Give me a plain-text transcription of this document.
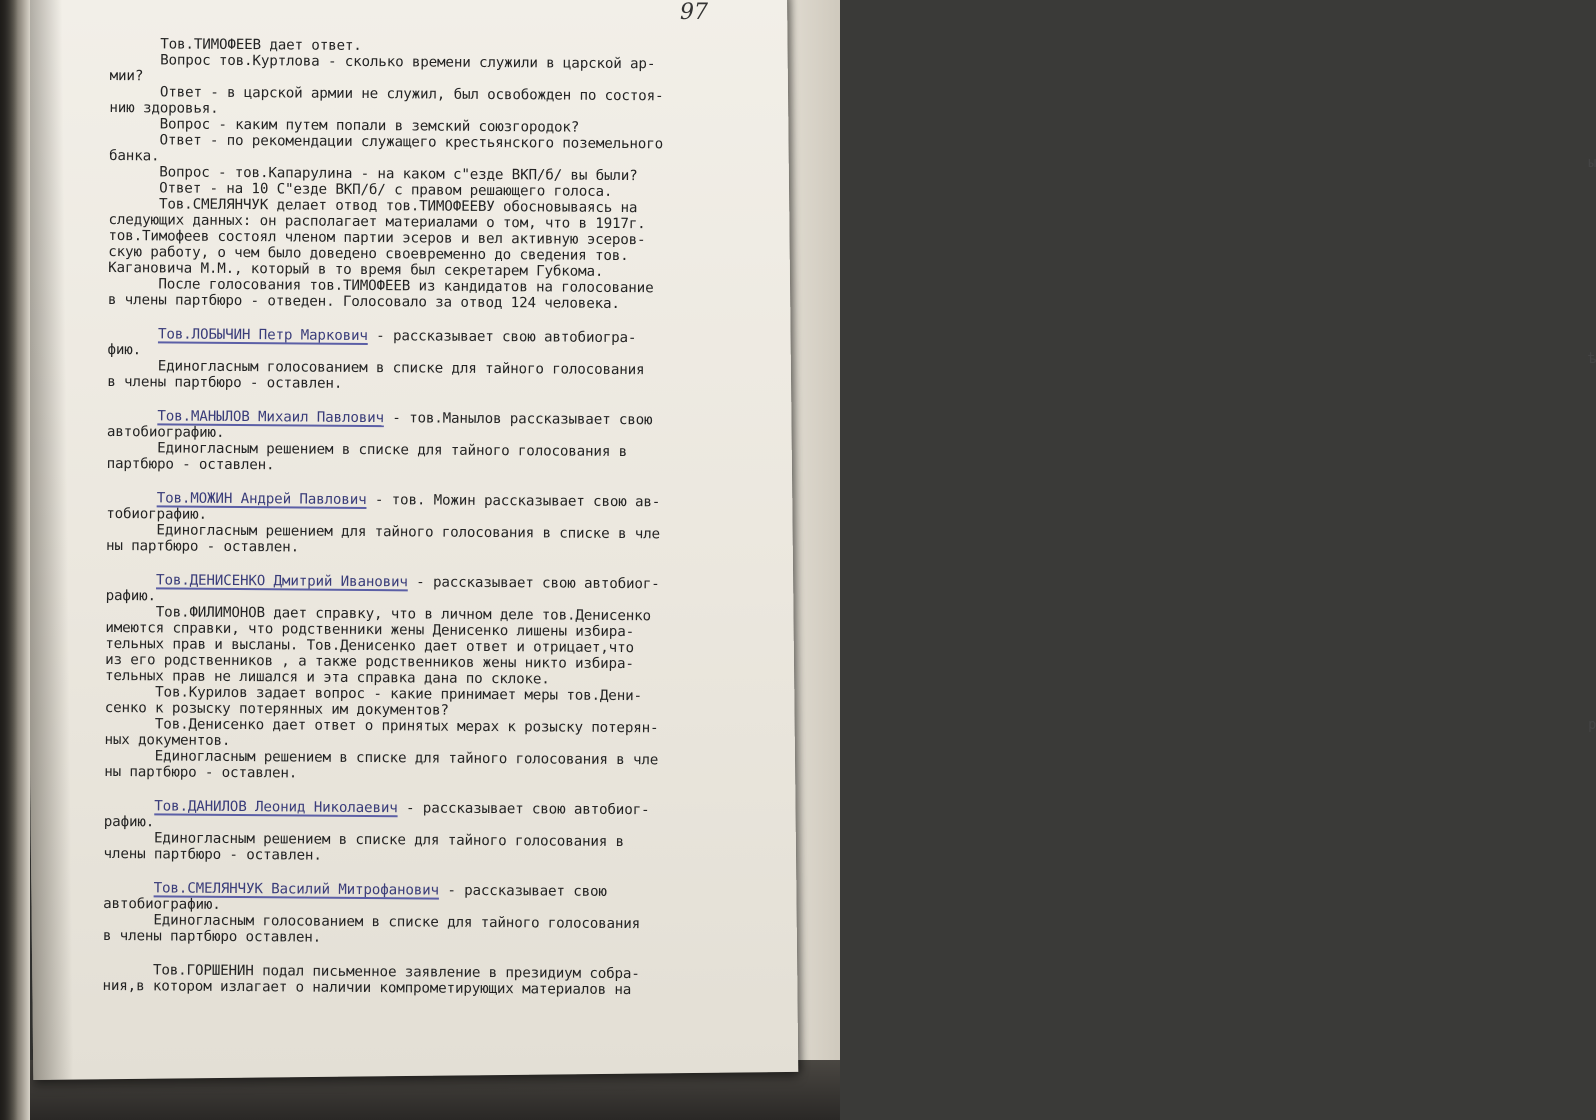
ы
ѣ
р
97
Тов.ТИМОФЕЕВ дает ответ.
Вопрос тов.Куртлова - сколько времени служили в царской ар-
мии?
Ответ - в царской армии не служил, был освобожден по состоя-
нию здоровья.
Вопрос - каким путем попали в земский союзгородок?
Ответ - по рекомендации служащего крестьянского поземельного
банка.
Вопрос - тов.Капарулина - на каком с"езде ВКП/б/ вы были?
Ответ - на 10 С"езде ВКП/б/ с правом решающего голоса.
Тов.СМЕЛЯНЧУК делает отвод тов.ТИМОФЕЕВУ обосновываясь на
следующих данных: он располагает материалами о том, что в 1917г.
тов.Тимофеев состоял членом партии эсеров и вел активную эсеров-
скую работу, о чем было доведено своевременно до сведения тов.
Кагановича М.М., который в то время был секретарем Губкома.
После голосования тов.ТИМОФЕЕВ из кандидатов на голосование
в члены партбюро - отведен. Голосовало за отвод 124 человека.
Тов.ЛОБЫЧИН Петр Маркович - рассказывает свою автобиогра-
фию.
Единогласным голосованием в списке для тайного голосования
в члены партбюро - оставлен.
Тов.МАНЫЛОВ Михаил Павлович - тов.Манылов рассказывает свою
автобиографию.
Единогласным решением в списке для тайного голосования в
партбюро - оставлен.
Тов.МОЖИН Андрей Павлович - тов. Можин рассказывает свою ав-
тобиографию.
Единогласным решением для тайного голосования в списке в чле
ны партбюро - оставлен.
Тов.ДЕНИСЕНКО Дмитрий Иванович - рассказывает свою автобиог-
рафию.
Тов.ФИЛИМОНОВ дает справку, что в личном деле тов.Денисенко
имеются справки, что родственники жены Денисенко лишены избира-
тельных прав и высланы. Тов.Денисенко дает ответ и отрицает,что
из его родственников , а также родственников жены никто избира-
тельных прав не лишался и эта справка дана по склоке.
Тов.Курилов задает вопрос - какие принимает меры тов.Дени-
сенко к розыску потерянных им документов?
Тов.Денисенко дает ответ о принятых мерах к розыску потерян-
ных документов.
Единогласным решением в списке для тайного голосования в чле
ны партбюро - оставлен.
Тов.ДАНИЛОВ Леонид Николаевич - рассказывает свою автобиог-
рафию.
Единогласным решением в списке для тайного голосования в
члены партбюро - оставлен.
Тов.СМЕЛЯНЧУК Василий Митрофанович - рассказывает свою
автобиографию.
Единогласным голосованием в списке для тайного голосования
в члены партбюро оставлен.
Тов.ГОРШЕНИН подал письменное заявление в президиум собра-
ния,в котором излагает о наличии компрометирующих материалов на
